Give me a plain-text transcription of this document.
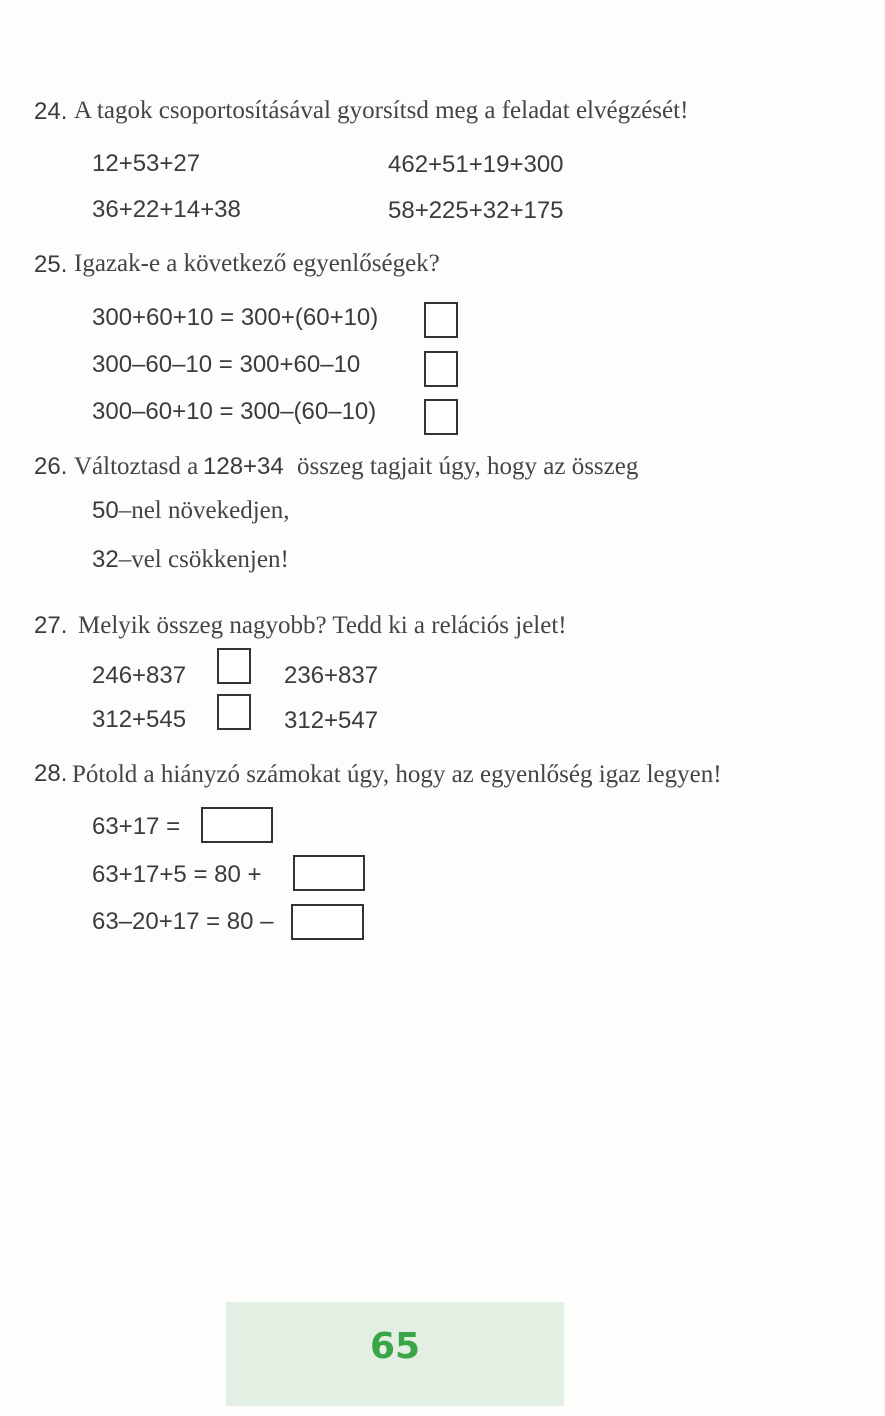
24. A tagok csoportosításával gyorsítsd meg a feladat elvégzését!
12+53+27	462+51+19+300
36+22+14+38	58+225+32+175
25. Igazak-e a következő egyenlőségek?
300+60+10 = 300+(60+10)
300–60–10 = 300+60–10
300–60+10 = 300–(60–10)
26. Változtasd a 128+34 összeg tagjait úgy, hogy az összeg
50–nel növekedjen,
32–vel csökkenjen!
27. Melyik összeg nagyobb? Tedd ki a relációs jelet!
246+837	236+837
312+545	312+547
28. Pótold a hiányzó számokat úgy, hogy az egyenlőség igaz legyen!
63+17 =
63+17+5 = 80 +
63–20+17 = 80 –
65
